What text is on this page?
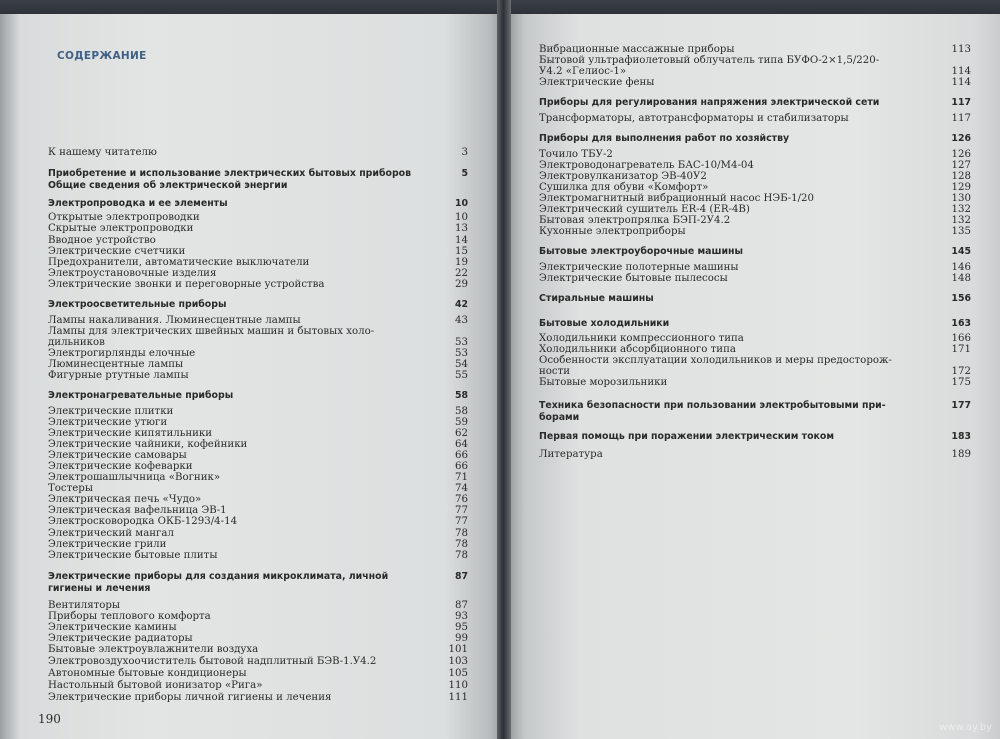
СОДЕРЖАНИЕ
К нашему читателю	3
Приобретение и использование электрических бытовых приборов	5
Общие сведения об электрической энергии
Электропроводка и ее элементы	10
Открытые электропроводки	10
Скрытые электропроводки	13
Вводное устройство	14
Электрические счетчики	15
Предохранители, автоматические выключатели	19
Электроустановочные изделия	22
Электрические звонки и переговорные устройства	29
Электроосветительные приборы	42
Лампы накаливания. Люминесцентные лампы	43
Лампы для электрических швейных машин и бытовых холо-
дильников	53
Электрогирлянды елочные	53
Люминесцентные лампы	54
Фигурные ртутные лампы	55
Электронагревательные приборы	58
Электрические плитки	58
Электрические утюги	59
Электрические кипятильники	62
Электрические чайники, кофейники	64
Электрические самовары	66
Электрические кофеварки	66
Электрошашлычница «Вогник»	71
Тостеры	74
Электрическая печь «Чудо»	76
Электрическая вафельница ЭВ-1	77
Электросковородка ОКБ-1293/4-14	77
Электрический мангал	78
Электрические грили	78
Электрические бытовые плиты	78
Электрические приборы для создания микроклимата, личной	87
гигиены и лечения
Вентиляторы	87
Приборы теплового комфорта	93
Электрические камины	95
Электрические радиаторы	99
Бытовые электроувлажнители воздуха	101
Электровоздухоочиститель бытовой надплитный БЭВ-1.У4.2	103
Автономные бытовые кондиционеры	105
Настольный бытовой ионизатор «Рига»	110
Электрические приборы личной гигиены и лечения	111
190
Вибрационные массажные приборы	113
Бытовой ультрафиолетовый облучатель типа БУФО-2×1,5/220-
У4.2 «Гелиос-1»	114
Электрические фены	114
Приборы для регулирования напряжения электрической сети	117
Трансформаторы, автотрансформаторы и стабилизаторы	117
Приборы для выполнения работ по хозяйству	126
Точило ТБУ-2	126
Электроводонагреватель БАС-10/М4-04	127
Электровулканизатор ЭВ-40У2	128
Сушилка для обуви «Комфорт»	129
Электромагнитный вибрационный насос НЭБ-1/20	130
Электрический сушитель ER-4 (ER-4B)	132
Бытовая электропрялка БЭП-2У4.2	132
Кухонные электроприборы	135
Бытовые электроуборочные машины	145
Электрические полотерные машины	146
Электрические бытовые пылесосы	148
Стиральные машины	156
Бытовые холодильники	163
Холодильники компрессионного типа	166
Холодильники абсорбционного типа	171
Особенности эксплуатации холодильников и меры предосторож-
ности	172
Бытовые морозильники	175
Техника безопасности при пользовании электробытовыми при-	177
борами
Первая помощь при поражении электрическим током	183
Литература	189
www.ay.by
